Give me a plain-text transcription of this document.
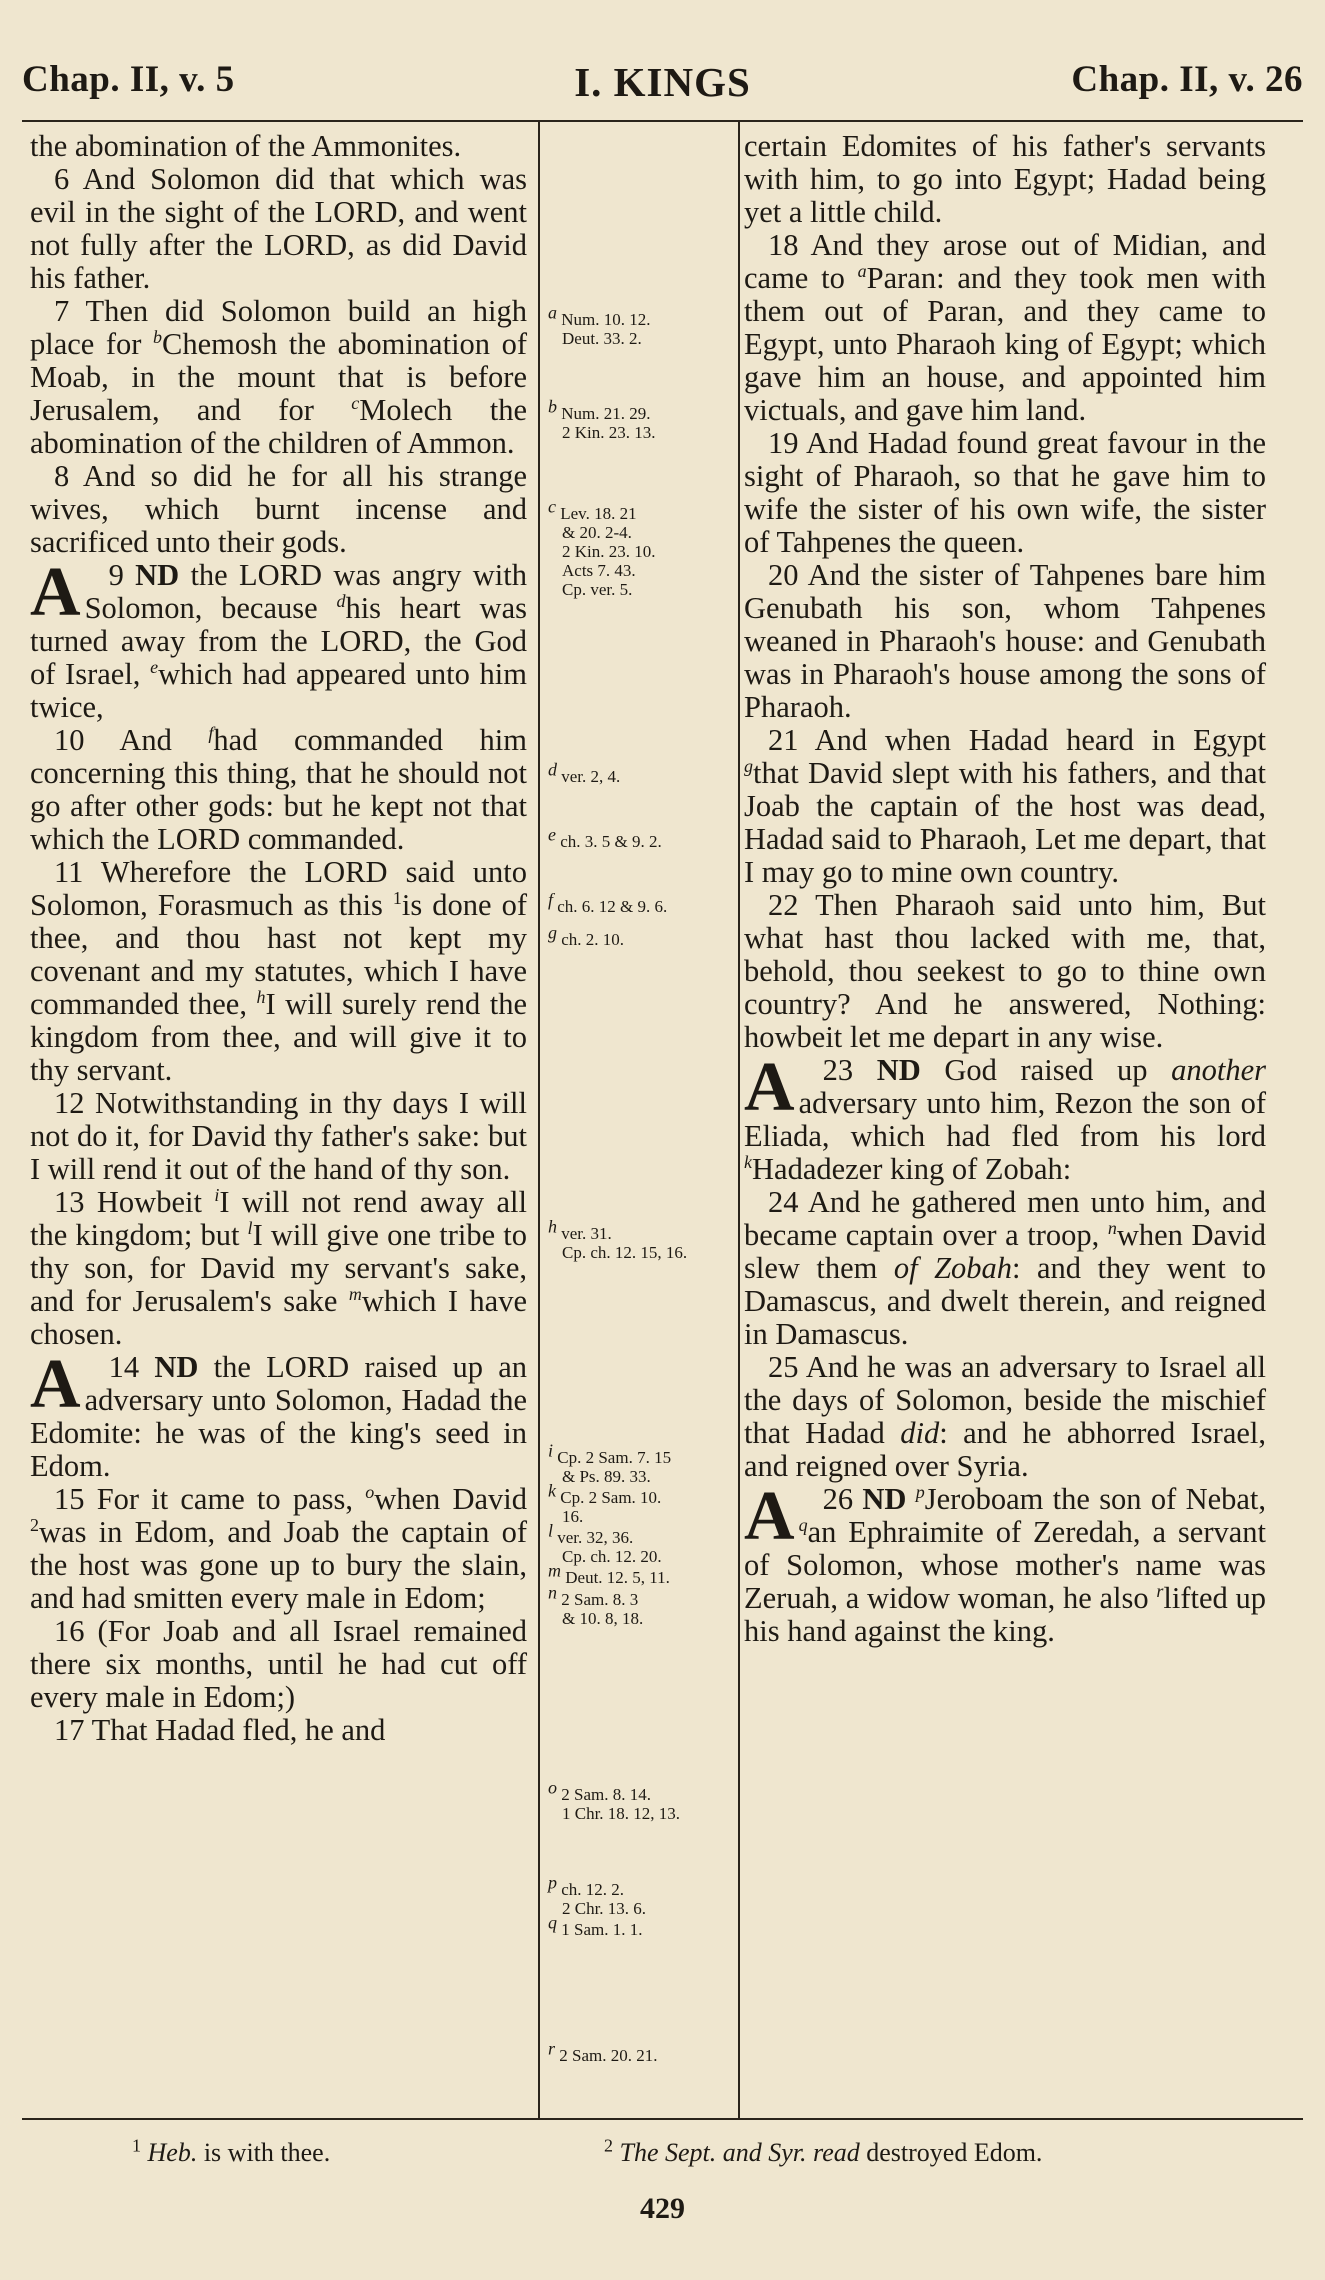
Chap. II, v. 5	I. KINGS	Chap. II, v. 26

the abomination of the Ammonites.

6 And Solomon did that which was evil in the sight of the LORD, and went not fully after the LORD, as did David his father.

7 Then did Solomon build an high place for $^b$Chemosh the abomination of Moab, in the mount that is before Jerusalem, and for $^c$Molech the abomination of the children of Ammon.

8 And so did he for all his strange wives, which burnt incense and sacrificed unto their gods.

9
A ND the LORD was angry with Solomon, because $^d$his heart was turned away from the LORD, the God of Israel, $^e$which had appeared unto him twice,

10 And $^f$had commanded him concerning this thing, that he should not go after other gods: but he kept not that which the LORD commanded.

11 Wherefore the LORD said unto Solomon, Forasmuch as this $^1$is done of thee, and thou hast not kept my covenant and my statutes, which I have commanded thee, $^h$I will surely rend the kingdom from thee, and will give it to thy servant.

12 Notwithstanding in thy days I will not do it, for David thy father's sake: but I will rend it out of the hand of thy son.

13 Howbeit $^i$I will not rend away all the kingdom; but $^l$I will give one tribe to thy son, for David my servant's sake, and for Jerusalem's sake $^m$which I have chosen.

14
A ND the LORD raised up an adversary unto Solomon, Hadad the Edomite: he was of the king's seed in Edom.

15 For it came to pass, $^o$when David $^2$was in Edom, and Joab the captain of the host was gone up to bury the slain, and had smitten every male in Edom;

16 (For Joab and all Israel remained there six months, until he had cut off every male in Edom;)

17 That Hadad fled, he and

a Num. 10. 12.
Deut. 33. 2.
b Num. 21. 29.
2 Kin. 23. 13.
c Lev. 18. 21
& 20. 2-4.
2 Kin. 23. 10.
Acts 7. 43.
Cp. ver. 5.
d ver. 2, 4.
e ch. 3. 5 & 9. 2.
f ch. 6. 12 & 9. 6.
g ch. 2. 10.
h ver. 31.
Cp. ch. 12. 15, 16.
i Cp. 2 Sam. 7. 15
& Ps. 89. 33.
k Cp. 2 Sam. 10.
16.
l ver. 32, 36.
Cp. ch. 12. 20.
m Deut. 12. 5, 11.
n 2 Sam. 8. 3
& 10. 8, 18.
o 2 Sam. 8. 14.
1 Chr. 18. 12, 13.
p ch. 12. 2.
2 Chr. 13. 6.
q 1 Sam. 1. 1.
r 2 Sam. 20. 21.

certain Edomites of his father's servants with him, to go into Egypt; Hadad being yet a little child.

18 And they arose out of Midian, and came to $^a$Paran: and they took men with them out of Paran, and they came to Egypt, unto Pharaoh king of Egypt; which gave him an house, and appointed him victuals, and gave him land.

19 And Hadad found great favour in the sight of Pharaoh, so that he gave him to wife the sister of his own wife, the sister of Tahpenes the queen.

20 And the sister of Tahpenes bare him Genubath his son, whom Tahpenes weaned in Pharaoh's house: and Genubath was in Pharaoh's house among the sons of Pharaoh.

21 And when Hadad heard in Egypt $^g$that David slept with his fathers, and that Joab the captain of the host was dead, Hadad said to Pharaoh, Let me depart, that I may go to mine own country.

22 Then Pharaoh said unto him, But what hast thou lacked with me, that, behold, thou seekest to go to thine own country? And he answered, Nothing: howbeit let me depart in any wise.

23
A	ND God raised up another adversary unto him, Rezon the son of Eliada, which had fled from his lord $^k$Hadadezer king of Zobah:

24 And he gathered men unto him, and became captain over a troop, $^n$when David slew them of Zobah: and they went to Damascus, and dwelt therein, and reigned in Damascus.

25 And he was an adversary to Israel all the days of Solomon, beside the mischief that Hadad did: and he abhorred Israel, and reigned over Syria.

26
A ND $^p$Jeroboam the son of Nebat, $^q$an Ephraimite of Zeredah, a servant of Solomon, whose mother's name was Zeruah, a widow woman, he also $^r$lifted up his hand against the king.

$^1$ Heb. is with thee.	$^2$ The Sept. and Syr. read destroyed Edom.
429
